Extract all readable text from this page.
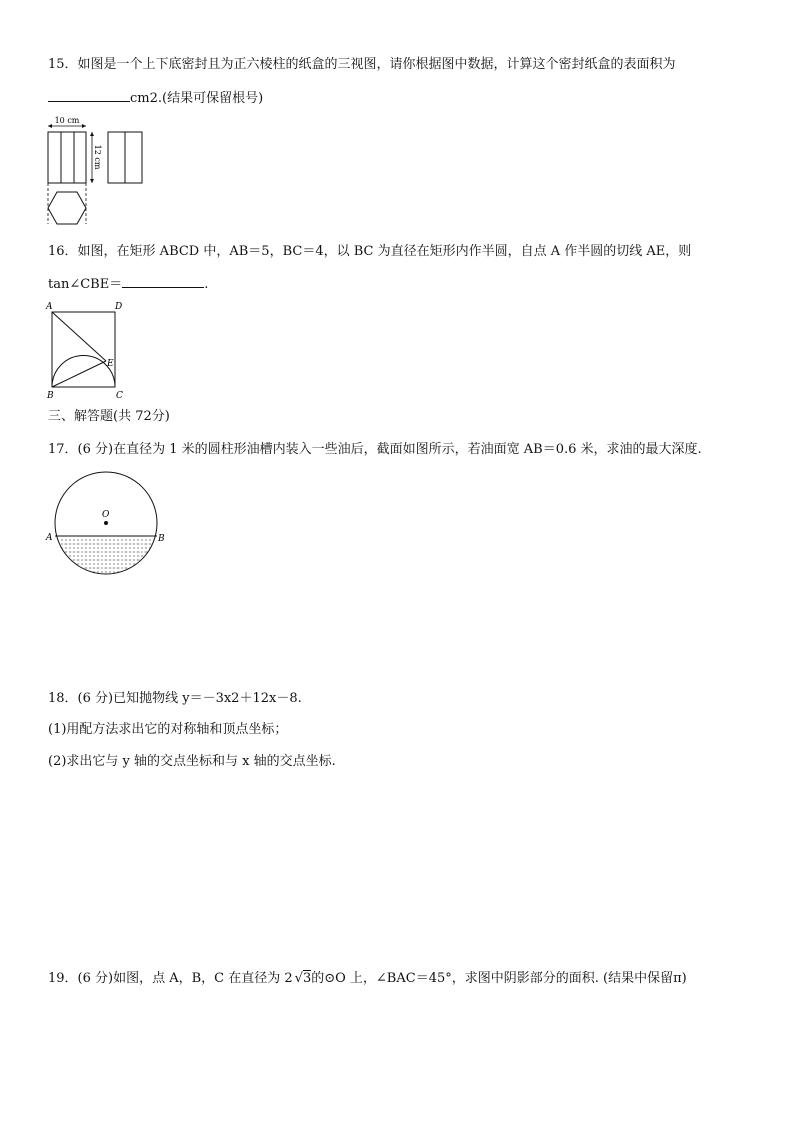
15．如图是一个上下底密封且为正六棱柱的纸盒的三视图，请你根据图中数据，计算这个密封纸盒的表面积为
cm2.(结果可保留根号)
10 cm
12 cm
16．如图，在矩形 ABCD 中，AB＝5，BC＝4，以 BC 为直径在矩形内作半圆，自点 A 作半圆的切线 AE，则
tan∠CBE＝	.
A	D
E
B	C
三、解答题(共 72分)
17．(6 分)在直径为 1 米的圆柱形油槽内装入一些油后，截面如图所示，若油面宽 AB＝0.6 米，求油的最大深度.
O
A	B
18．(6 分)已知抛物线 y＝－3x2＋12x－8.
(1)用配方法求出它的对称轴和顶点坐标；
(2)求出它与 y 轴的交点坐标和与 x 轴的交点坐标.
19．(6 分)如图，点 A，B，C 在直径为 2 √3的⊙O 上，∠BAC＝45°，求图中阴影部分的面积. (结果中保留π)
